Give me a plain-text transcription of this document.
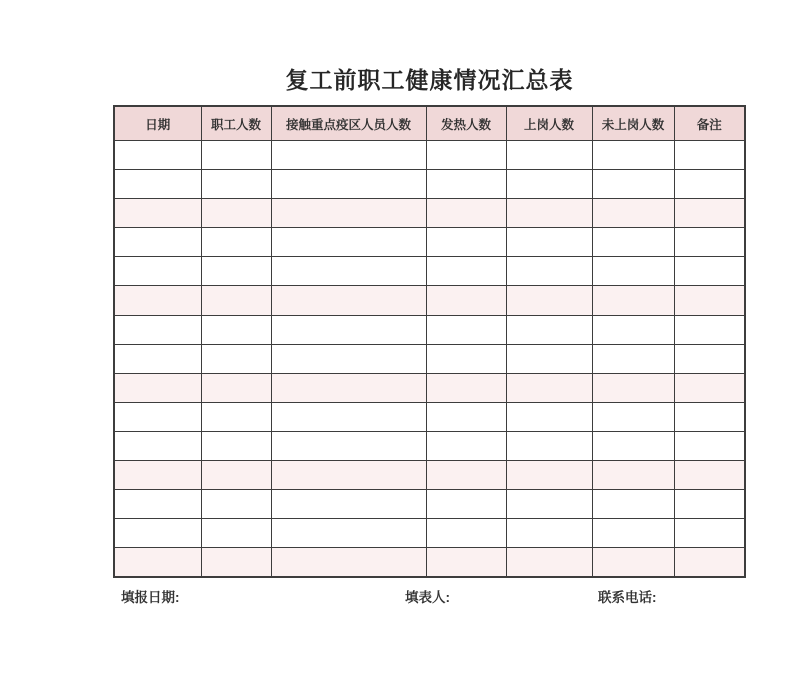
复工前职工健康情况汇总表
日期	职工人数	接触重点疫区人员人数	发热人数	上岗人数	未上岗人数	备注

填报日期:	填表人:	联系电话:
